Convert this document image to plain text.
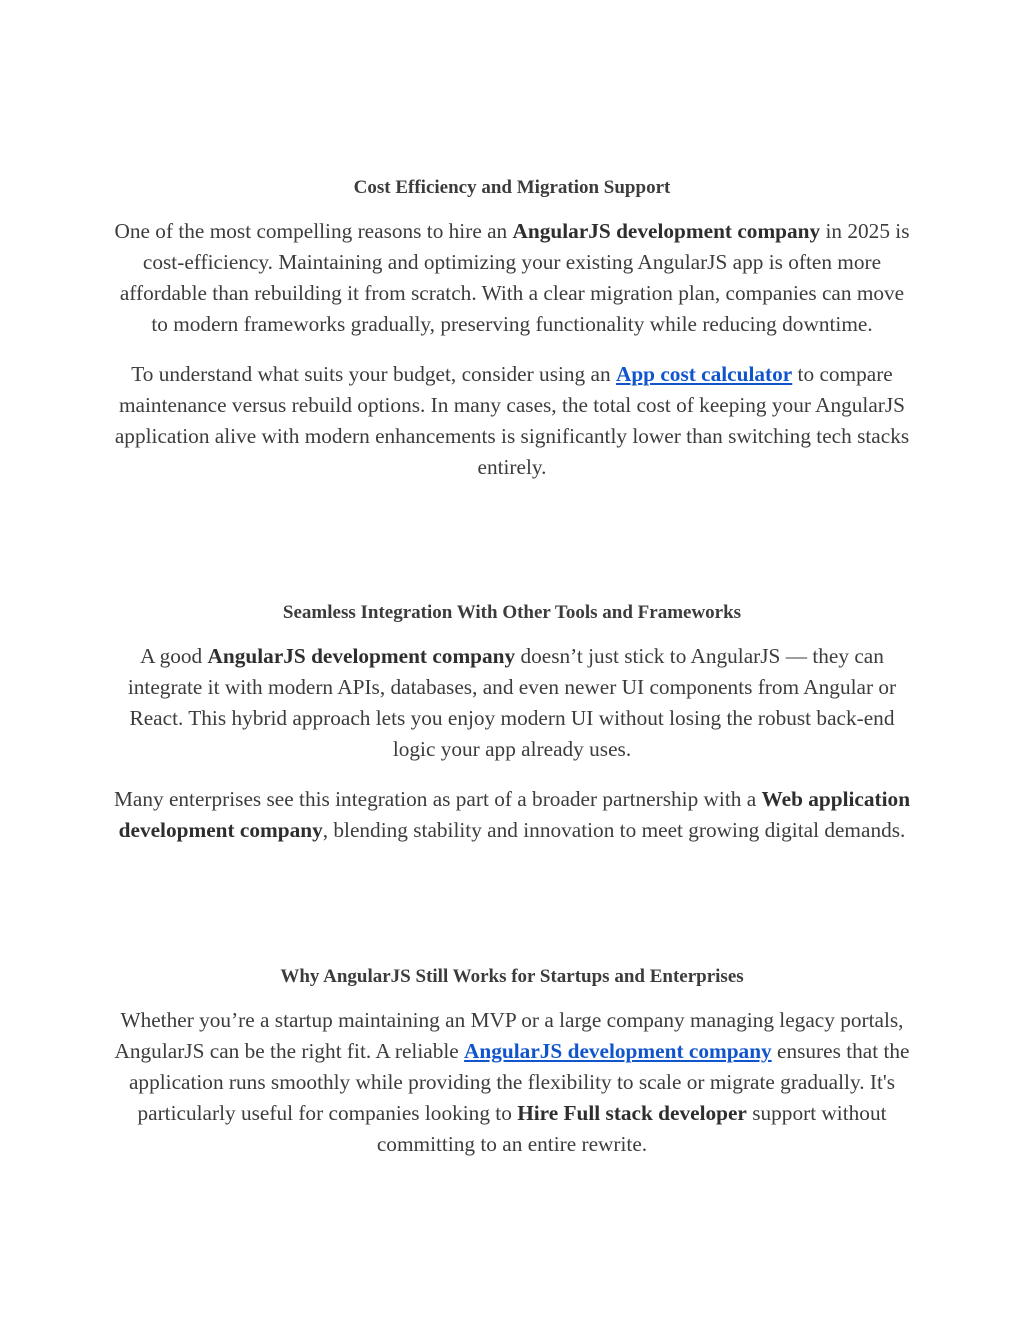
Cost Efficiency and Migration Support

One of the most compelling reasons to hire an AngularJS development company in 2025 is cost-efficiency. Maintaining and optimizing your existing AngularJS app is often more affordable than rebuilding it from scratch. With a clear migration plan, companies can move to modern frameworks gradually, preserving functionality while reducing downtime.

To understand what suits your budget, consider using an App cost calculator to compare maintenance versus rebuild options. In many cases, the total cost of keeping your AngularJS application alive with modern enhancements is significantly lower than switching tech stacks entirely.

Seamless Integration With Other Tools and Frameworks

A good AngularJS development company doesn’t just stick to AngularJS — they can integrate it with modern APIs, databases, and even newer UI components from Angular or React. This hybrid approach lets you enjoy modern UI without losing the robust back-end logic your app already uses.

Many enterprises see this integration as part of a broader partnership with a Web application development company, blending stability and innovation to meet growing digital demands.

Why AngularJS Still Works for Startups and Enterprises

Whether you’re a startup maintaining an MVP or a large company managing legacy portals, AngularJS can be the right fit. A reliable AngularJS development company ensures that the application runs smoothly while providing the flexibility to scale or migrate gradually. It's particularly useful for companies looking to Hire Full stack developer support without committing to an entire rewrite.
